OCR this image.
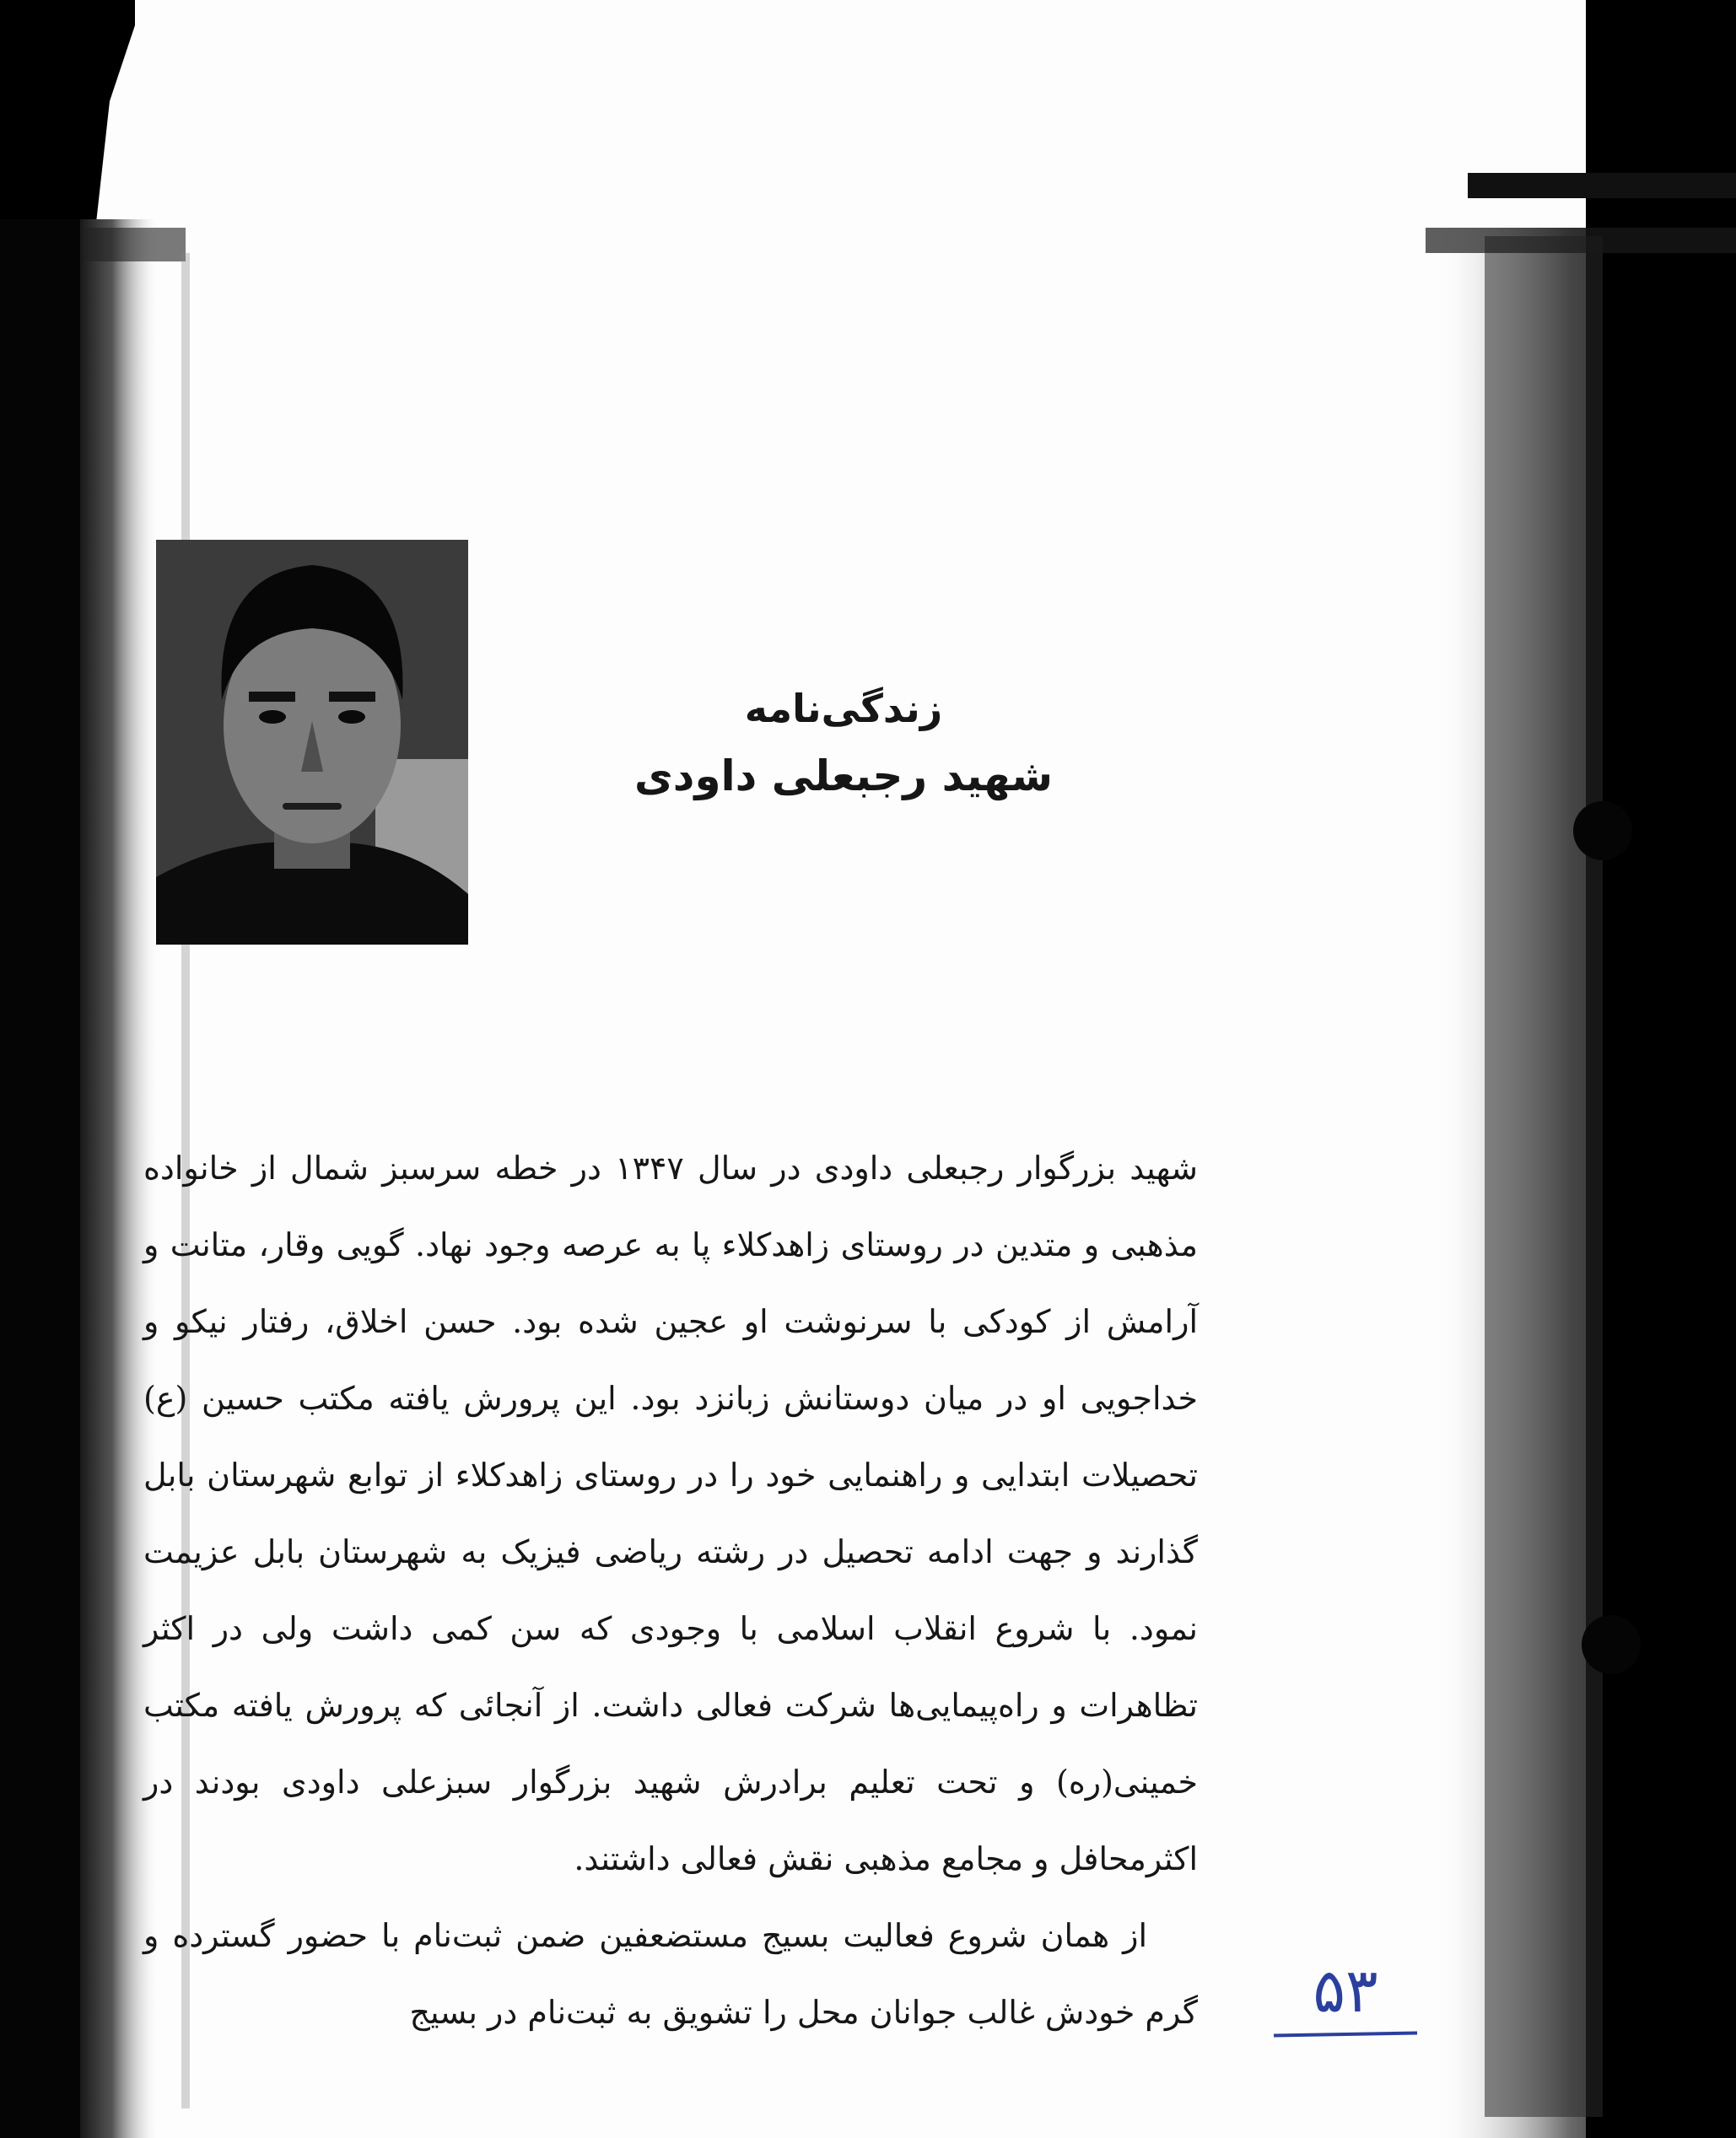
زندگی‌نامه
شهید رجبعلی داودی

شهید بزرگوار رجبعلی داودی در سال ۱۳۴۷ در خطه سرسبز شمال از خانواده مذهبی و متدین در روستای زاهدکلاء پا به عرصه وجود نهاد. گویی وقار، متانت و آرامش از کودکی با سرنوشت او عجین شده بود. حسن اخلاق، رفتار نیکو و خداجویی او در میان دوستانش زبانزد بود. این پرورش یافته مکتب حسین (ع) تحصیلات ابتدایی و راهنمایی خود را در روستای زاهدکلاء از توابع شهرستان بابل گذارند و جهت ادامه تحصیل در رشته ریاضی فیزیک به شهرستان بابل عزیمت نمود. با شروع انقلاب اسلامی با وجودی که سن کمی داشت ولی در اکثر تظاهرات و راه‌پیمایی‌ها شرکت فعالی داشت. از آنجائی که پرورش یافته مکتب خمینی(ره) و تحت تعلیم برادرش شهید بزرگوار سبزعلی داودی بودند در اکثرمحافل و مجامع مذهبی نقش فعالی داشتند.

از همان شروع فعالیت بسیج مستضعفین ضمن ثبت‌نام با حضور گسترده و گرم خودش غالب جوانان محل را تشویق به ثبت‌نام در بسیج	۵۳
